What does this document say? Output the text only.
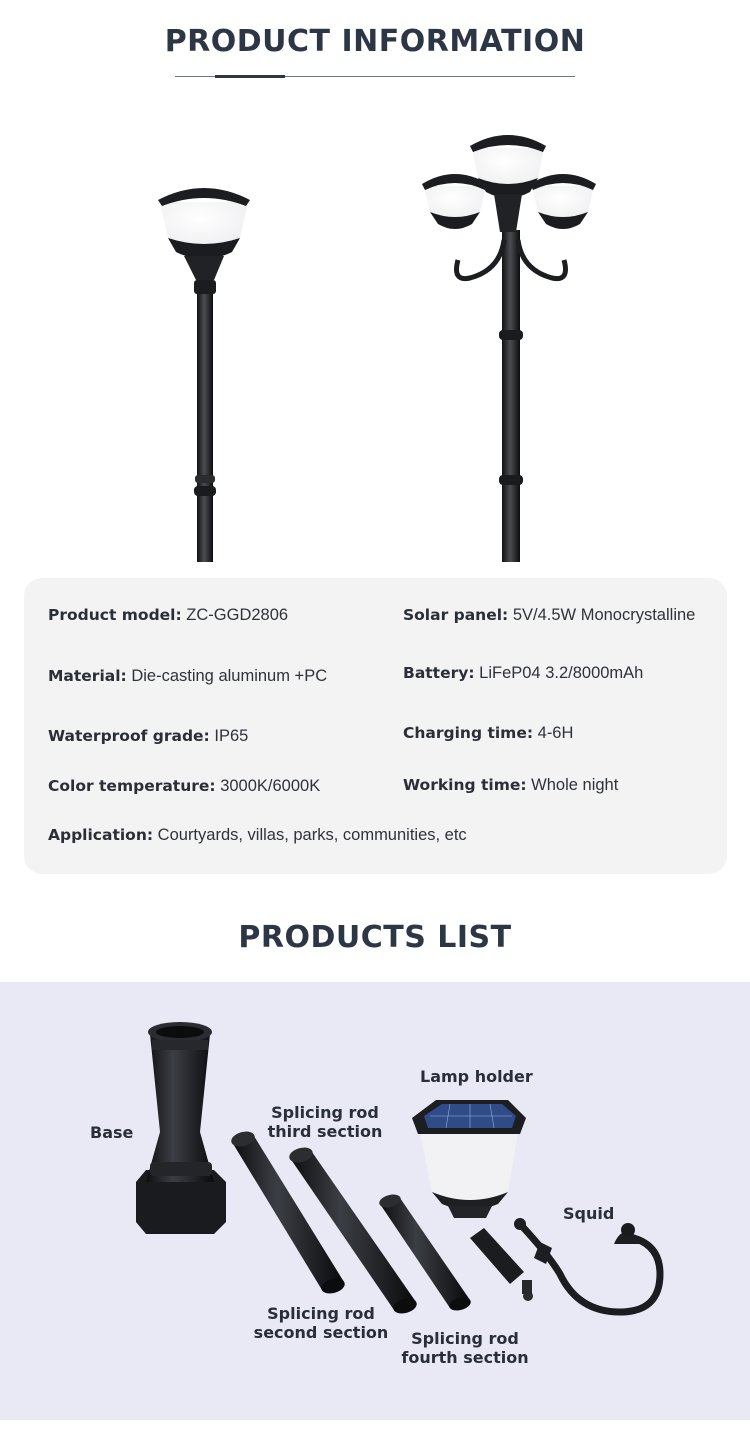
PRODUCT INFORMATION
Product model: ZC-GGD2806	Solar panel: 5V/4.5W Monocrystalline
Material: Die-casting aluminum +PC	Battery: LiFeP04 3.2/8000mAh
Waterproof grade: IP65	Charging time: 4-6H
Color temperature: 3000K/6000K	Working time: Whole night
Application: Courtyards, villas, parks, communities, etc
PRODUCTS LIST
Base
Splicing rod
third section
Lamp holder
Squid
Splicing rod
second section	Splicing rod
fourth section
